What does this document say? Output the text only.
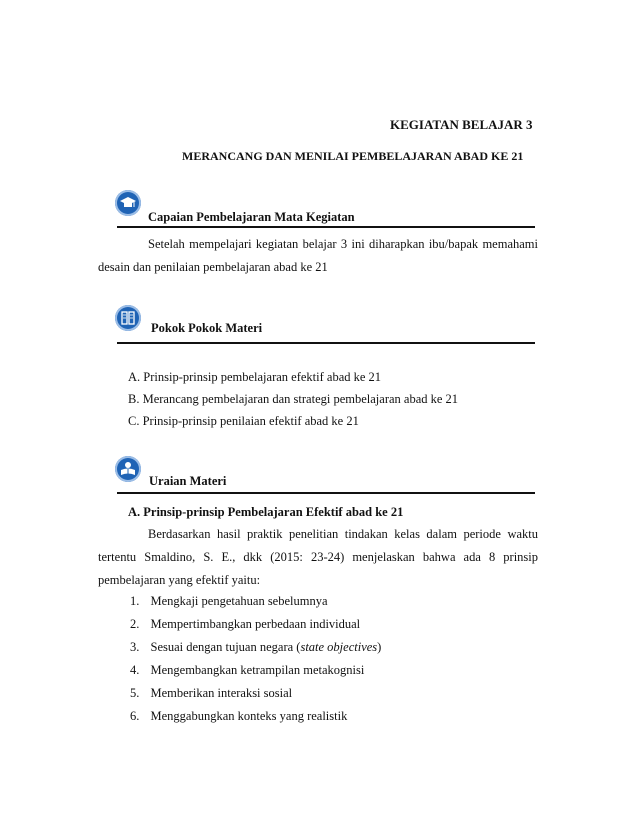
KEGIATAN BELAJAR 3
MERANCANG DAN MENILAI PEMBELAJARAN ABAD KE 21
Capaian Pembelajaran Mata Kegiatan
Setelah mempelajari kegiatan belajar 3 ini diharapkan ibu/bapak memahami desain dan penilaian pembelajaran abad ke 21
Pokok Pokok Materi
A. Prinsip-prinsip pembelajaran efektif abad ke 21
B. Merancang pembelajaran dan strategi pembelajaran abad ke 21
C. Prinsip-prinsip penilaian efektif abad ke 21
Uraian Materi
A. Prinsip-prinsip Pembelajaran Efektif abad ke 21
Berdasarkan hasil praktik penelitian tindakan kelas dalam periode waktu
tertentu Smaldino, S. E., dkk (2015: 23-24) menjelaskan bahwa ada 8 prinsip
pembelajaran yang efektif yaitu:
1. Mengkaji pengetahuan sebelumnya
2. Mempertimbangkan perbedaan individual
3. Sesuai dengan tujuan negara (state objectives)
4. Mengembangkan ketrampilan metakognisi
5. Memberikan interaksi sosial
6. Menggabungkan konteks yang realistik
